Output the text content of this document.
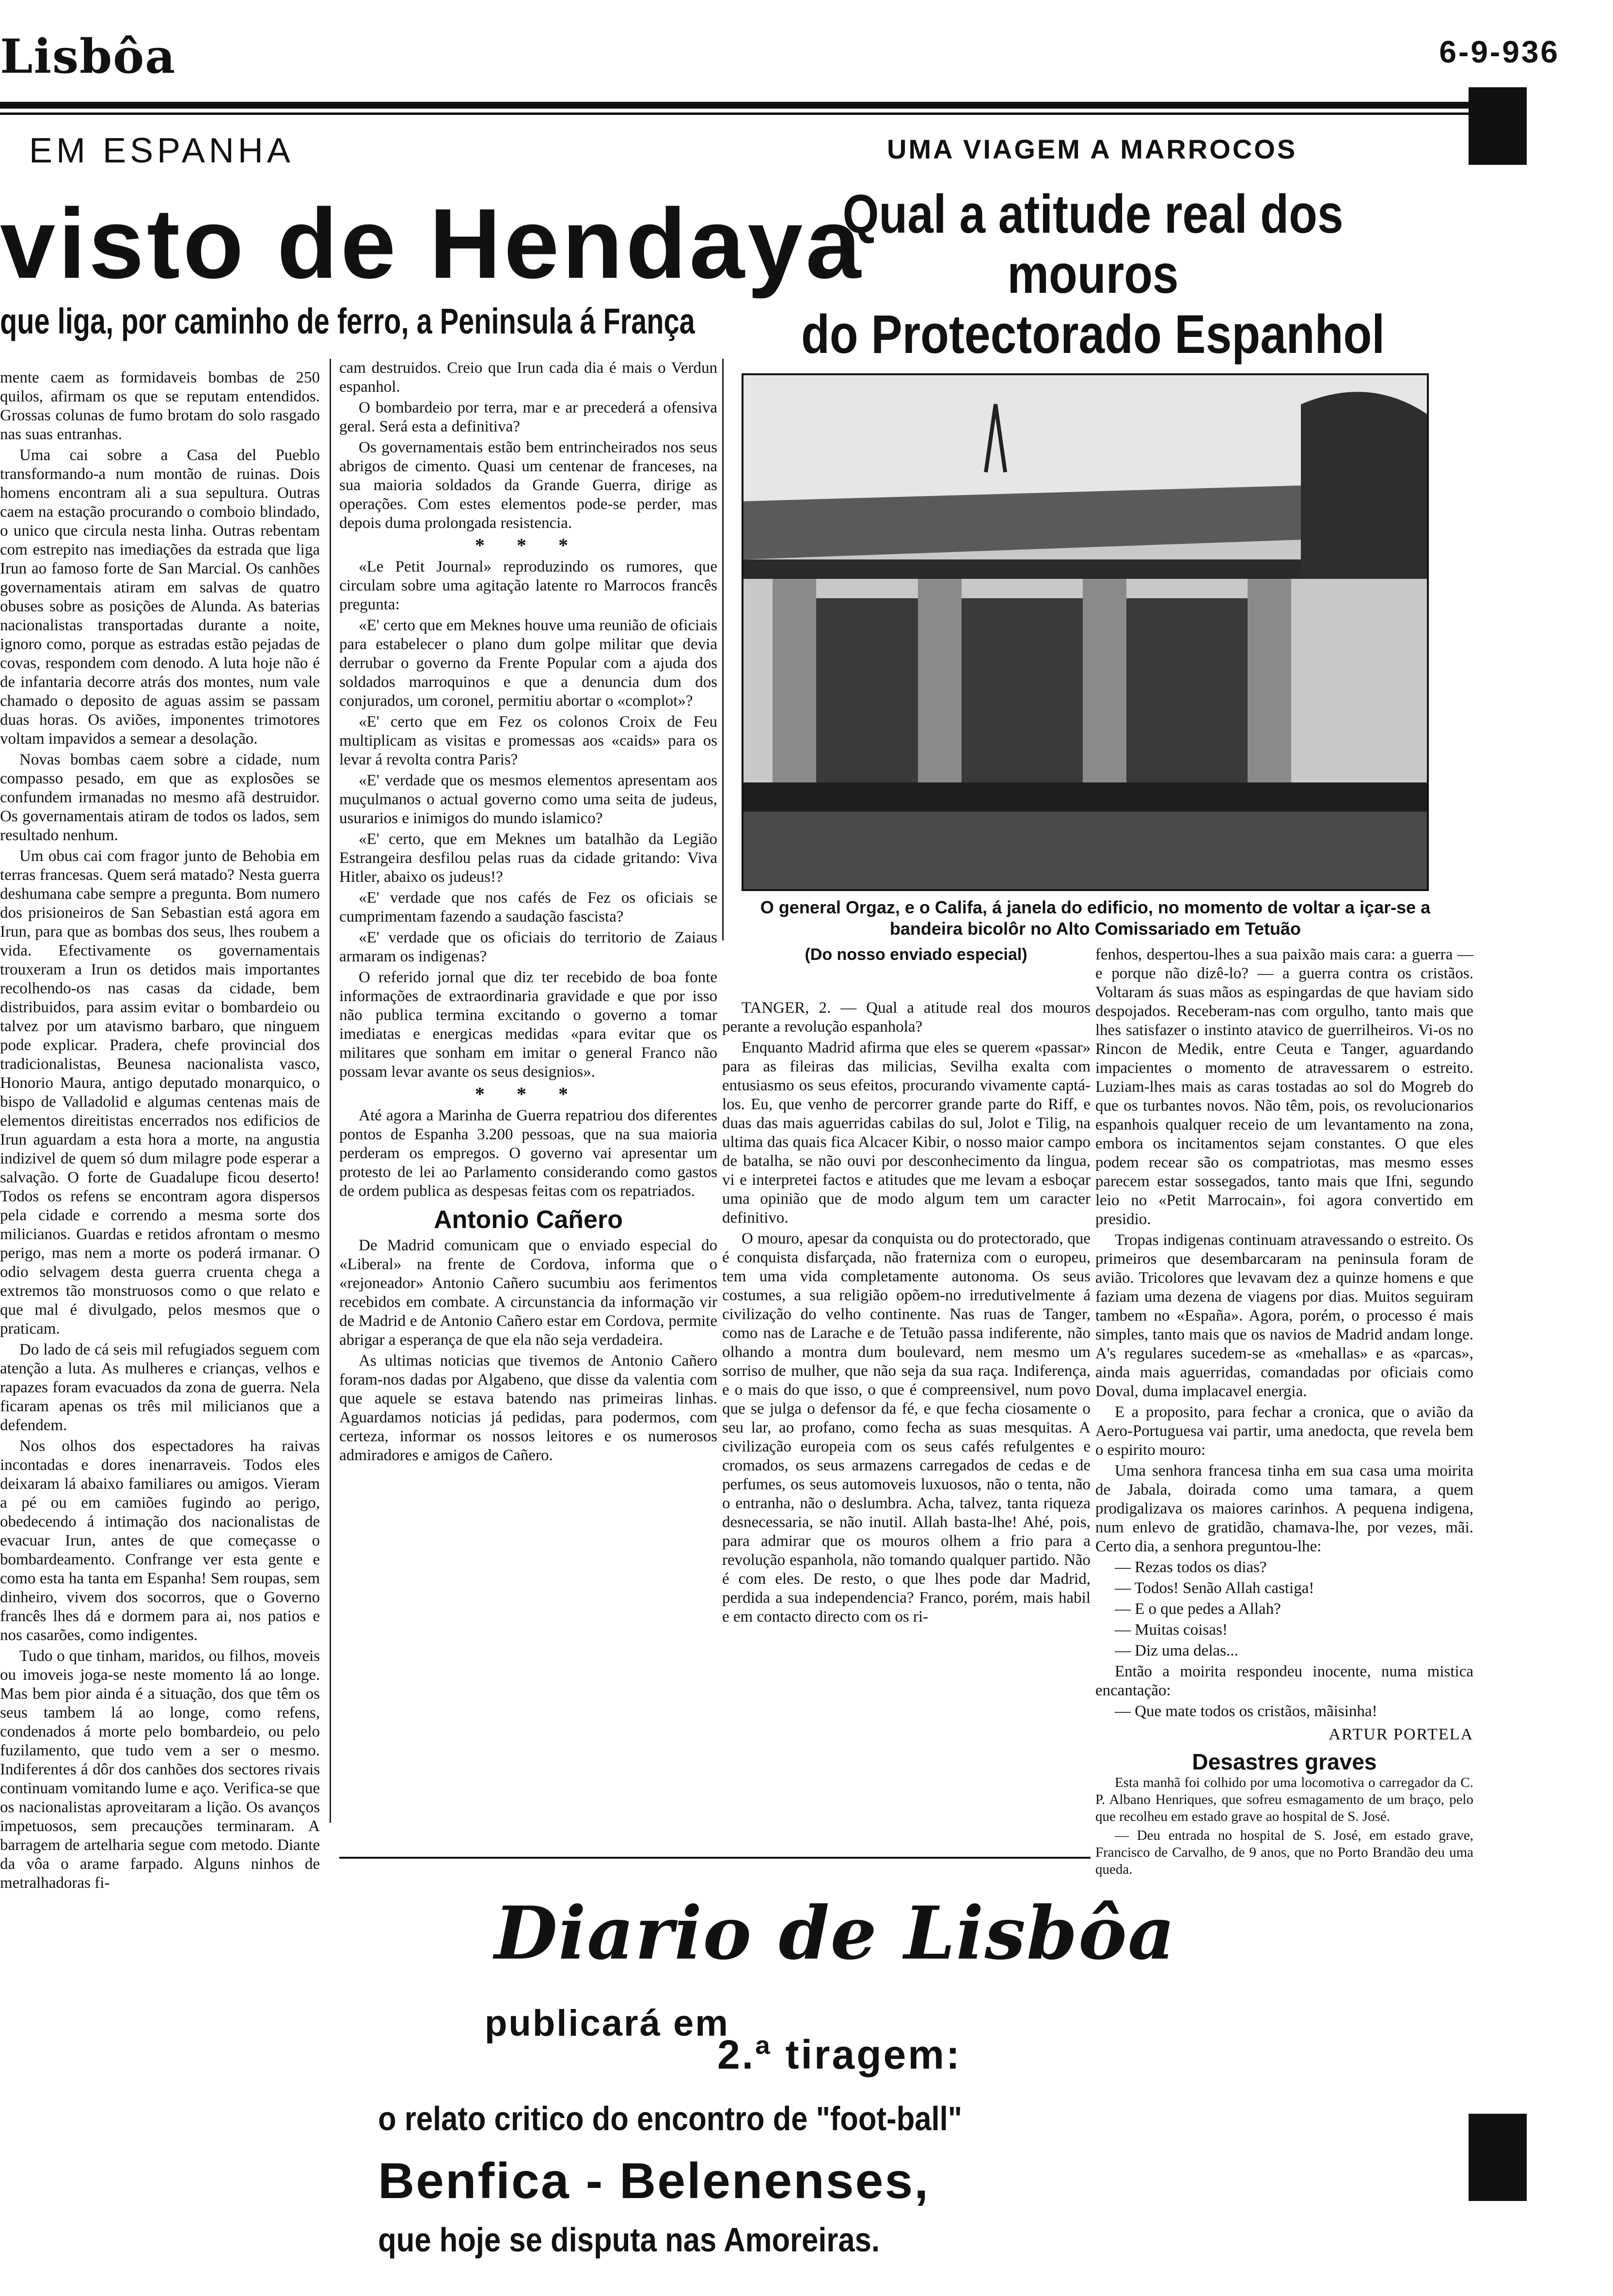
Lisbôa	6-9-936
EM ESPANHA
visto de Hendaya
que liga, por caminho de ferro, a Peninsula á França
UMA VIAGEM A MARROCOS
Qual a atitude real dos mouros
do Protectorado Espanhol

mente caem as formidaveis bombas de 250 quilos, afirmam os que se reputam entendidos. Grossas colunas de fumo brotam do solo rasgado nas suas entranhas.

Uma cai sobre a Casa del Pueblo transformando-a num montão de ruinas. Dois homens encontram ali a sua sepultura. Outras caem na estação procurando o comboio blindado, o unico que circula nesta linha. Outras rebentam com estrepito nas imediações da estrada que liga Irun ao famoso forte de San Marcial. Os canhões governamentais atiram em salvas de quatro obuses sobre as posições de Alunda. As baterias nacionalistas transportadas durante a noite, ignoro como, porque as estradas estão pejadas de covas, respondem com denodo. A luta hoje não é de infantaria decorre atrás dos montes, num vale chamado o deposito de aguas assim se passam duas horas. Os aviões, imponentes trimotores voltam impavidos a semear a desolação.

Novas bombas caem sobre a cidade, num compasso pesado, em que as explosões se confundem irmanadas no mesmo afã destruidor. Os governamentais atiram de todos os lados, sem resultado nenhum.

Um obus cai com fragor junto de Behobia em terras francesas. Quem será matado? Nesta guerra deshumana cabe sempre a pregunta. Bom numero dos prisioneiros de San Sebastian está agora em Irun, para que as bombas dos seus, lhes roubem a vida. Efectivamente os governamentais trouxeram a Irun os detidos mais importantes recolhendo-os nas casas da cidade, bem distribuidos, para assim evitar o bombardeio ou talvez por um atavismo barbaro, que ninguem pode explicar. Pradera, chefe provincial dos tradicionalistas, Beunesa nacionalista vasco, Honorio Maura, antigo deputado monarquico, o bispo de Valladolid e algumas centenas mais de elementos direitistas encerrados nos edificios de Irun aguardam a esta hora a morte, na angustia indizivel de quem só dum milagre pode esperar a salvação. O forte de Guadalupe ficou deserto! Todos os refens se encontram agora dispersos pela cidade e correndo a mesma sorte dos milicianos. Guardas e retidos afrontam o mesmo perigo, mas nem a morte os poderá irmanar. O odio selvagem desta guerra cruenta chega a extremos tão monstruosos como o que relato e que mal é divulgado, pelos mesmos que o praticam.

Do lado de cá seis mil refugiados seguem com atenção a luta. As mulheres e crianças, velhos e rapazes foram evacuados da zona de guerra. Nela ficaram apenas os três mil milicianos que a defendem.

Nos olhos dos espectadores ha raivas incontadas e dores inenarraveis. Todos eles deixaram lá abaixo familiares ou amigos. Vieram a pé ou em camiões fugindo ao perigo, obedecendo á intimação dos nacionalistas de evacuar Irun, antes de que começasse o bombardeamento. Confrange ver esta gente e como esta ha tanta em Espanha! Sem roupas, sem dinheiro, vivem dos socorros, que o Governo francês lhes dá e dormem para ai, nos patios e nos casarões, como indigentes.

Tudo o que tinham, maridos, ou filhos, moveis ou imoveis joga-se neste momento lá ao longe. Mas bem pior ainda é a situação, dos que têm os seus tambem lá ao longe, como refens, condenados á morte pelo bombardeio, ou pelo fuzilamento, que tudo vem a ser o mesmo. Indiferentes á dôr dos canhões dos sectores rivais continuam vomitando lume e aço. Verifica-se que os nacionalistas aproveitaram a lição. Os avanços impetuosos, sem precauções terminaram. A barragem de artelharia segue com metodo. Diante da vôa o arame farpado. Alguns ninhos de metralhadoras fi-

cam destruidos. Creio que Irun cada dia é mais o Verdun espanhol.

O bombardeio por terra, mar e ar precederá a ofensiva geral. Será esta a definitiva?

Os governamentais estão bem entrincheirados nos seus abrigos de cimento. Quasi um centenar de franceses, na sua maioria soldados da Grande Guerra, dirige as operações. Com estes elementos pode-se perder, mas depois duma prolongada resistencia.

* * *

«Le Petit Journal» reproduzindo os rumores, que circulam sobre uma agitação latente ro Marrocos francês pregunta:

«E' certo que em Meknes houve uma reunião de oficiais para estabelecer o plano dum golpe militar que devia derrubar o governo da Frente Popular com a ajuda dos soldados marroquinos e que a denuncia dum dos conjurados, um coronel, permitiu abortar o «complot»?

«E' certo que em Fez os colonos Croix de Feu multiplicam as visitas e promessas aos «caids» para os levar á revolta contra Paris?

«E' verdade que os mesmos elementos apresentam aos muçulmanos o actual governo como uma seita de judeus, usurarios e inimigos do mundo islamico?

«E' certo, que em Meknes um batalhão da Legião Estrangeira desfilou pelas ruas da cidade gritando: Viva Hitler, abaixo os judeus!?

«E' verdade que nos cafés de Fez os oficiais se cumprimentam fazendo a saudação fascista?

«E' verdade que os oficiais do territorio de Zaiaus armaram os indigenas?

O referido jornal que diz ter recebido de boa fonte informações de extraordinaria gravidade e que por isso não publica termina excitando o governo a tomar imediatas e energicas medidas «para evitar que os militares que sonham em imitar o general Franco não possam levar avante os seus designios».

* * *

Até agora a Marinha de Guerra repatriou dos diferentes pontos de Espanha 3.200 pessoas, que na sua maioria perderam os empregos. O governo vai apresentar um protesto de lei ao Parlamento considerando como gastos de ordem publica as despesas feitas com os repatriados.

Antonio Cañero

De Madrid comunicam que o enviado especial do «Liberal» na frente de Cordova, informa que o «rejoneador» Antonio Cañero sucumbiu aos ferimentos recebidos em combate. A circunstancia da informação vir de Madrid e de Antonio Cañero estar em Cordova, permite abrigar a esperança de que ela não seja verdadeira.

As ultimas noticias que tivemos de Antonio Cañero foram-nos dadas por Algabeno, que disse da valentia com que aquele se estava batendo nas primeiras linhas. Aguardamos noticias já pedidas, para podermos, com certeza, informar os nossos leitores e os numerosos admiradores e amigos de Cañero.

O general Orgaz, e o Califa, á janela do edificio, no momento de voltar a içar-se a bandeira bicolôr no Alto Comissariado em Tetuão
(Do nosso enviado especial)

TANGER, 2. — Qual a atitude real dos mouros perante a revolução espanhola?

Enquanto Madrid afirma que eles se querem «passar» para as fileiras das milicias, Sevilha exalta com entusiasmo os seus efeitos, procurando vivamente captá-los. Eu, que venho de percorrer grande parte do Riff, e duas das mais aguerridas cabilas do sul, Jolot e Tilig, na ultima das quais fica Alcacer Kibir, o nosso maior campo de batalha, se não ouvi por desconhecimento da lingua, vi e interpretei factos e atitudes que me levam a esboçar uma opinião que de modo algum tem um caracter definitivo.

O mouro, apesar da conquista ou do protectorado, que é conquista disfarçada, não fraterniza com o europeu, tem uma vida completamente autonoma. Os seus costumes, a sua religião opõem-no irredutivelmente á civilização do velho continente. Nas ruas de Tanger, como nas de Larache e de Tetuão passa indiferente, não olhando a montra dum boulevard, nem mesmo um sorriso de mulher, que não seja da sua raça. Indiferença, e o mais do que isso, o que é compreensivel, num povo que se julga o defensor da fé, e que fecha ciosamente o seu lar, ao profano, como fecha as suas mesquitas. A civilização europeia com os seus cafés refulgentes e cromados, os seus armazens carregados de cedas e de perfumes, os seus automoveis luxuosos, não o tenta, não o entranha, não o deslumbra. Acha, talvez, tanta riqueza desnecessaria, se não inutil. Allah basta-lhe! Ahé, pois, para admirar que os mouros olhem a frio para a revolução espanhola, não tomando qualquer partido. Não é com eles. De resto, o que lhes pode dar Madrid, perdida a sua independencia? Franco, porém, mais habil e em contacto directo com os ri-

fenhos, despertou-lhes a sua paixão mais cara: a guerra — e porque não dizê-lo? — a guerra contra os cristãos. Voltaram ás suas mãos as espingardas de que haviam sido despojados. Receberam-nas com orgulho, tanto mais que lhes satisfazer o instinto atavico de guerrilheiros. Vi-os no Rincon de Medik, entre Ceuta e Tanger, aguardando impacientes o momento de atravessarem o estreito. Luziam-lhes mais as caras tostadas ao sol do Mogreb do que os turbantes novos. Não têm, pois, os revolucionarios espanhois qualquer receio de um levantamento na zona, embora os incitamentos sejam constantes. O que eles podem recear são os compatriotas, mas mesmo esses parecem estar sossegados, tanto mais que Ifni, segundo leio no «Petit Marrocain», foi agora convertido em presidio.

Tropas indigenas continuam atravessando o estreito. Os primeiros que desembarcaram na peninsula foram de avião. Tricolores que levavam dez a quinze homens e que faziam uma dezena de viagens por dias. Muitos seguiram tambem no «España». Agora, porém, o processo é mais simples, tanto mais que os navios de Madrid andam longe. A's regulares sucedem-se as «mehallas» e as «parcas», ainda mais aguerridas, comandadas por oficiais como Doval, duma implacavel energia.

E a proposito, para fechar a cronica, que o avião da Aero-Portuguesa vai partir, uma anedocta, que revela bem o espirito mouro:

Uma senhora francesa tinha em sua casa uma moirita de Jabala, doirada como uma tamara, a quem prodigalizava os maiores carinhos. A pequena indigena, num enlevo de gratidão, chamava-lhe, por vezes, mãi. Certo dia, a senhora preguntou-lhe:

— Rezas todos os dias?

— Todos! Senão Allah castiga!

— E o que pedes a Allah?

— Muitas coisas!

— Diz uma delas...

Então a moirita respondeu inocente, numa mistica encantação:

— Que mate todos os cristãos, mãisinha!

ARTUR PORTELA
Desastres graves

Esta manhã foi colhido por uma locomotiva o carregador da C. P. Albano Henriques, que sofreu esmagamento de um braço, pelo que recolheu em estado grave ao hospital de S. José.

— Deu entrada no hospital de S. José, em estado grave, Francisco de Carvalho, de 9 anos, que no Porto Brandão deu uma queda.

Diario de Lisbôa
publicará em
2.ª tiragem:
o relato critico do encontro de "foot-ball"
Benfica - Belenenses,
que hoje se disputa nas Amoreiras.
